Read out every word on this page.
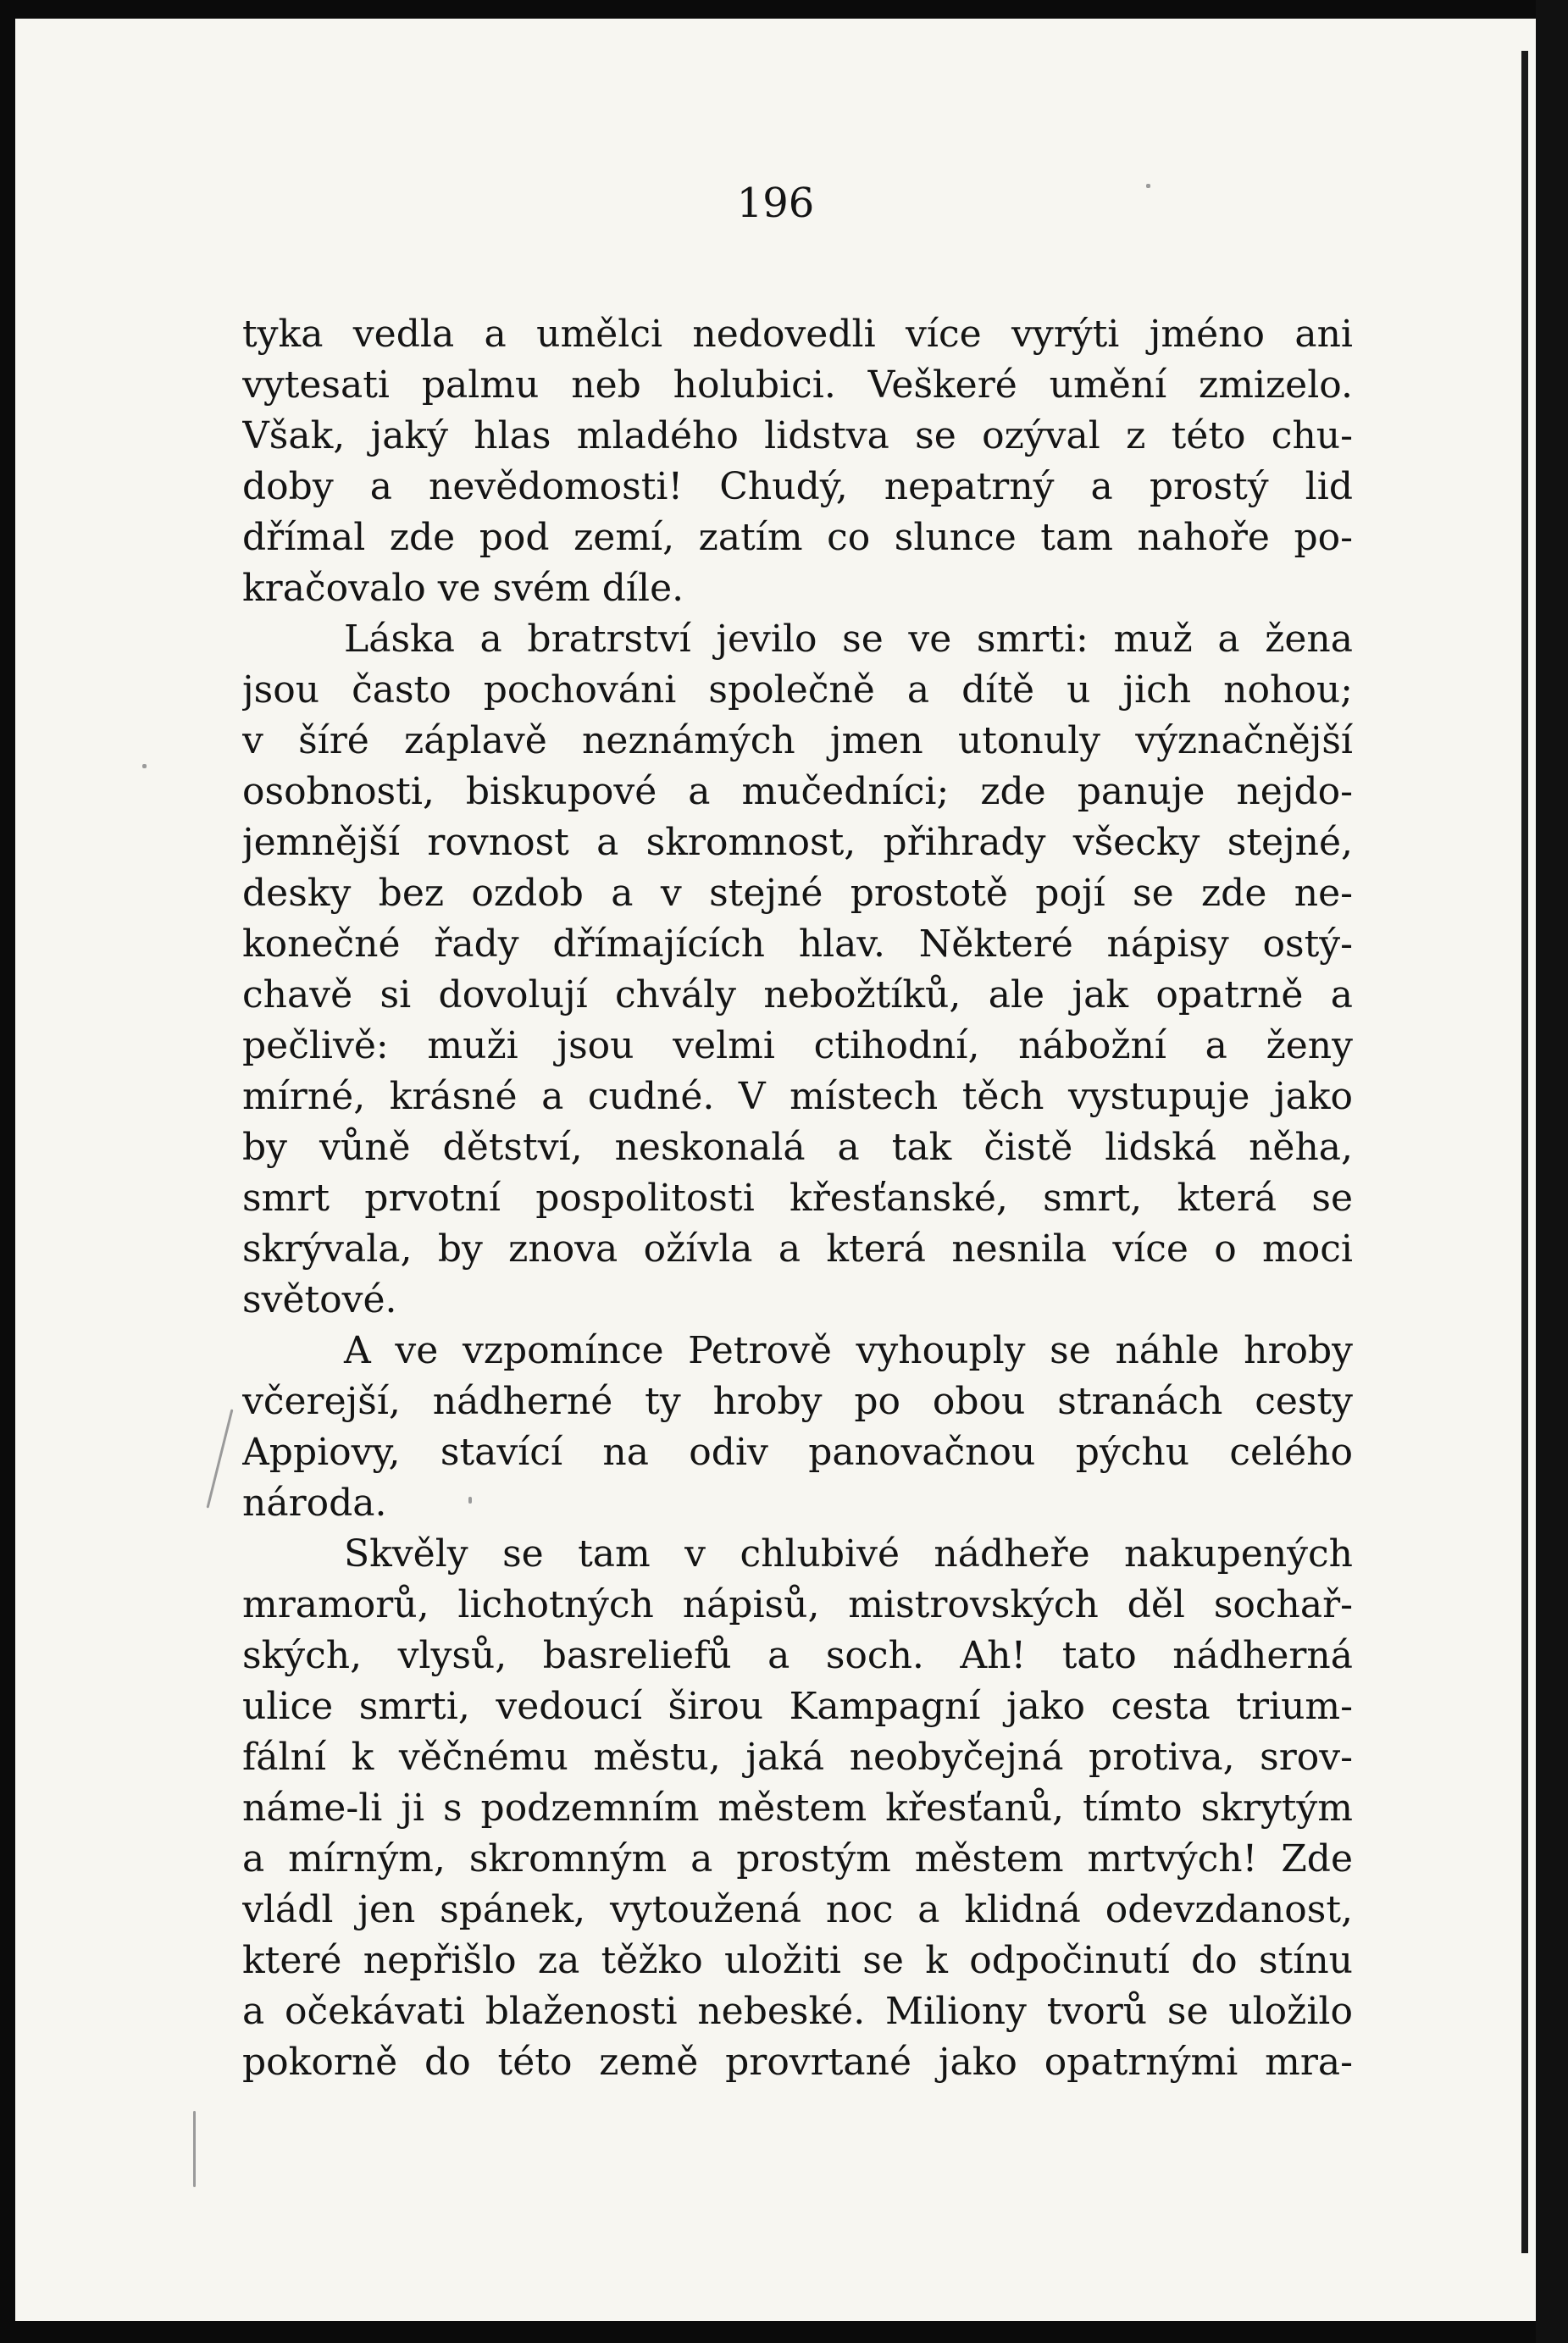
196

tyka vedla a umělci nedovedli více vyrýti jméno ani
vytesati palmu neb holubici. Veškeré umění zmizelo.
Však, jaký hlas mladého lidstva se ozýval z této chu-
doby a nevědomosti! Chudý, nepatrný a prostý lid
dřímal zde pod zemí, zatím co slunce tam nahoře po-
kračovalo ve svém díle.
Láska a bratrství jevilo se ve smrti: muž a žena
jsou často pochováni společně a dítě u jich nohou;
v šíré záplavě neznámých jmen utonuly význačnější
osobnosti, biskupové a mučedníci; zde panuje nejdo-
jemnější rovnost a skromnost, přihrady všecky stejné,
desky bez ozdob a v stejné prostotě pojí se zde ne-
konečné řady dřímajících hlav. Některé nápisy ostý-
chavě si dovolují chvály nebožtíků, ale jak opatrně a
pečlivě: muži jsou velmi ctihodní, nábožní a ženy
mírné, krásné a cudné. V místech těch vystupuje jako
by vůně dětství, neskonalá a tak čistě lidská něha,
smrt prvotní pospolitosti křesťanské, smrt, která se
skrývala, by znova ožívla a která nesnila více o moci
světové.
A ve vzpomínce Petrově vyhouply se náhle hroby
včerejší, nádherné ty hroby po obou stranách cesty
Appiovy, stavící na odiv panovačnou pýchu celého
národa.
Skvěly se tam v chlubivé nádheře nakupených
mramorů, lichotných nápisů, mistrovských děl sochař-
ských, vlysů, basreliefů a soch. Ah! tato nádherná
ulice smrti, vedoucí širou Kampagní jako cesta trium-
fální k věčnému městu, jaká neobyčejná protiva, srov-
náme-li ji s podzemním městem křesťanů, tímto skrytým
a mírným, skromným a prostým městem mrtvých! Zde
vládl jen spánek, vytoužená noc a klidná odevzdanost,
které nepřišlo za těžko uložiti se k odpočinutí do stínu
a očekávati blaženosti nebeské. Miliony tvorů se uložilo
pokorně do této země provrtané jako opatrnými mra-
